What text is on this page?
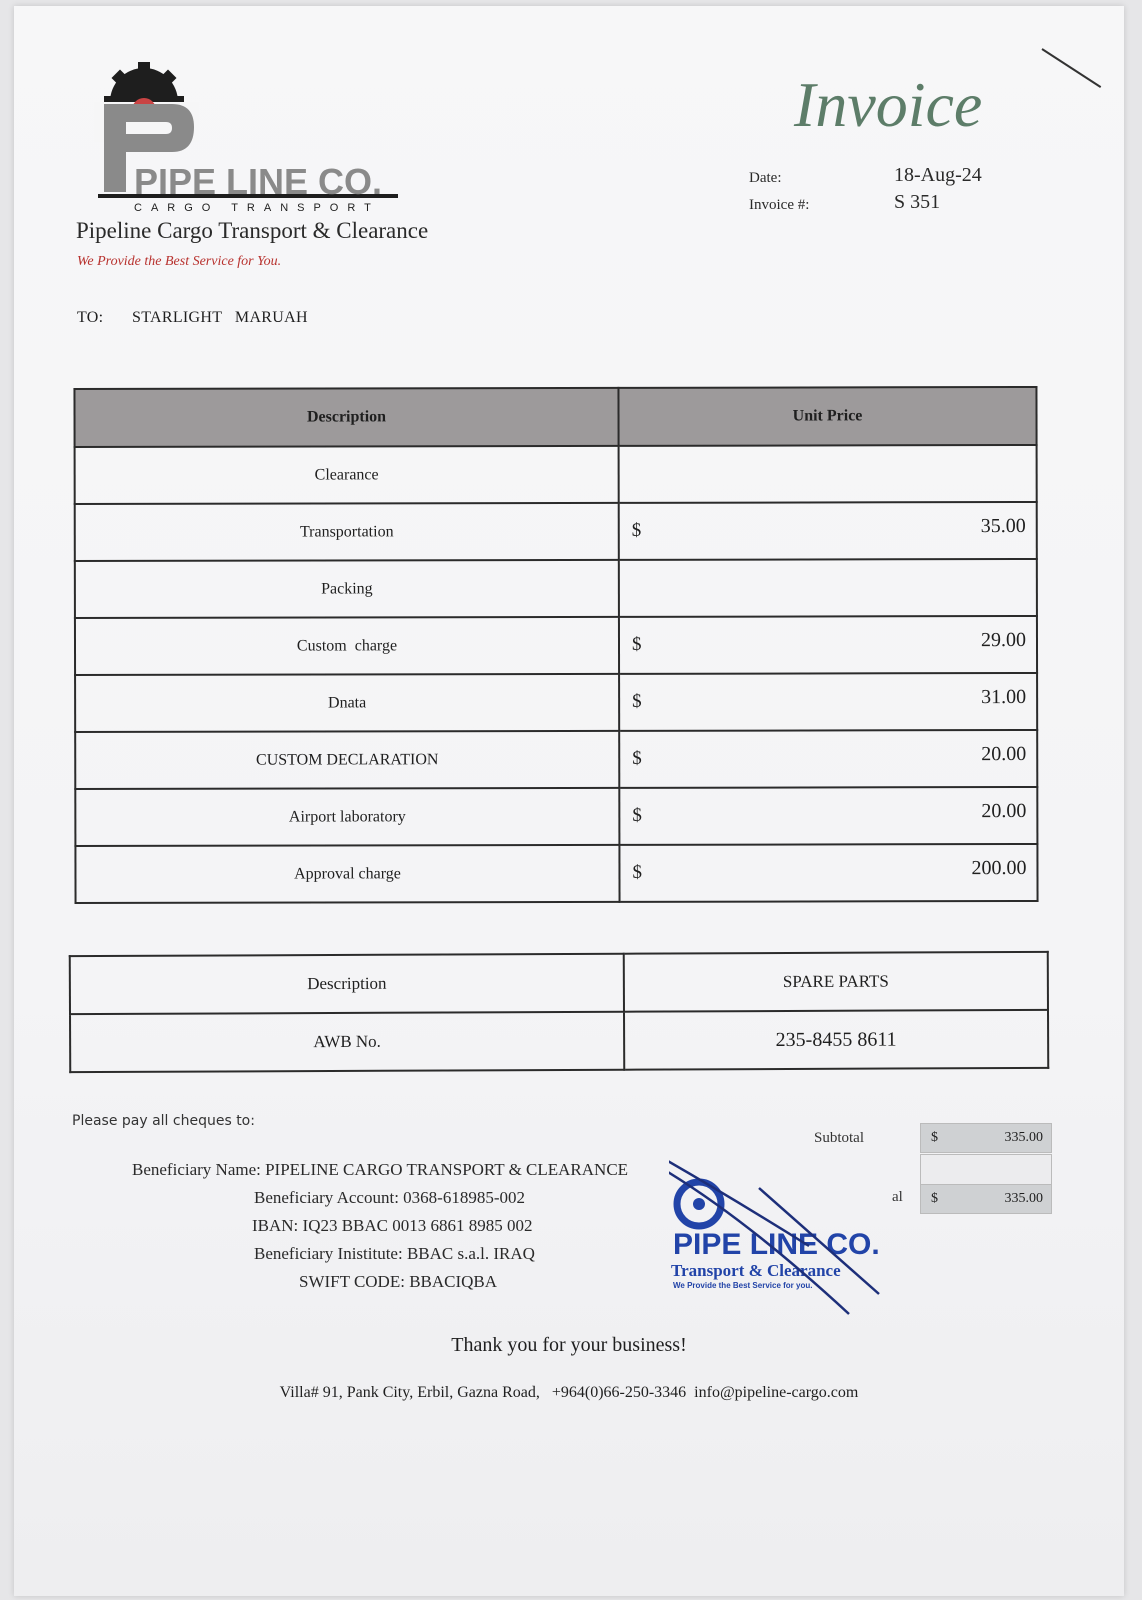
PIPE LINE CO.
CARGO TRANSPORT
Pipeline Cargo Transport & Clearance
We Provide the Best Service for You.
Invoice
Date:	18-Aug-24
Invoice #:	S 351
TO: STARLIGHT   MARUAH
Description	Unit Price
Clearance	

Transportation	$ 35.00

Packing	

Custom  charge	$ 29.00

Dnata	$ 31.00

CUSTOM DECLARATION	$ 20.00

Airport laboratory	$ 20.00

Approval charge	$ 200.00
Description	SPARE PARTS
AWB No.	235-8455 8611
Please pay all cheques to:
Beneficiary Name: PIPELINE CARGO TRANSPORT & CLEARANCE
Beneficiary Account: 0368-618985-002
IBAN: IQ23 BBAC 0013 6861 8985 002
Beneficiary Inistitute: BBAC s.a.l. IRAQ
SWIFT CODE: BBACIQBA
Subtotal	$	335.00
al $	335.00
PIPE LINE CO.
Transport & Clearance
We Provide the Best Service for you.
Thank you for your business!
Villa# 91, Pank City, Erbil, Gazna Road,   +964(0)66-250-3346  info@pipeline-cargo.com
